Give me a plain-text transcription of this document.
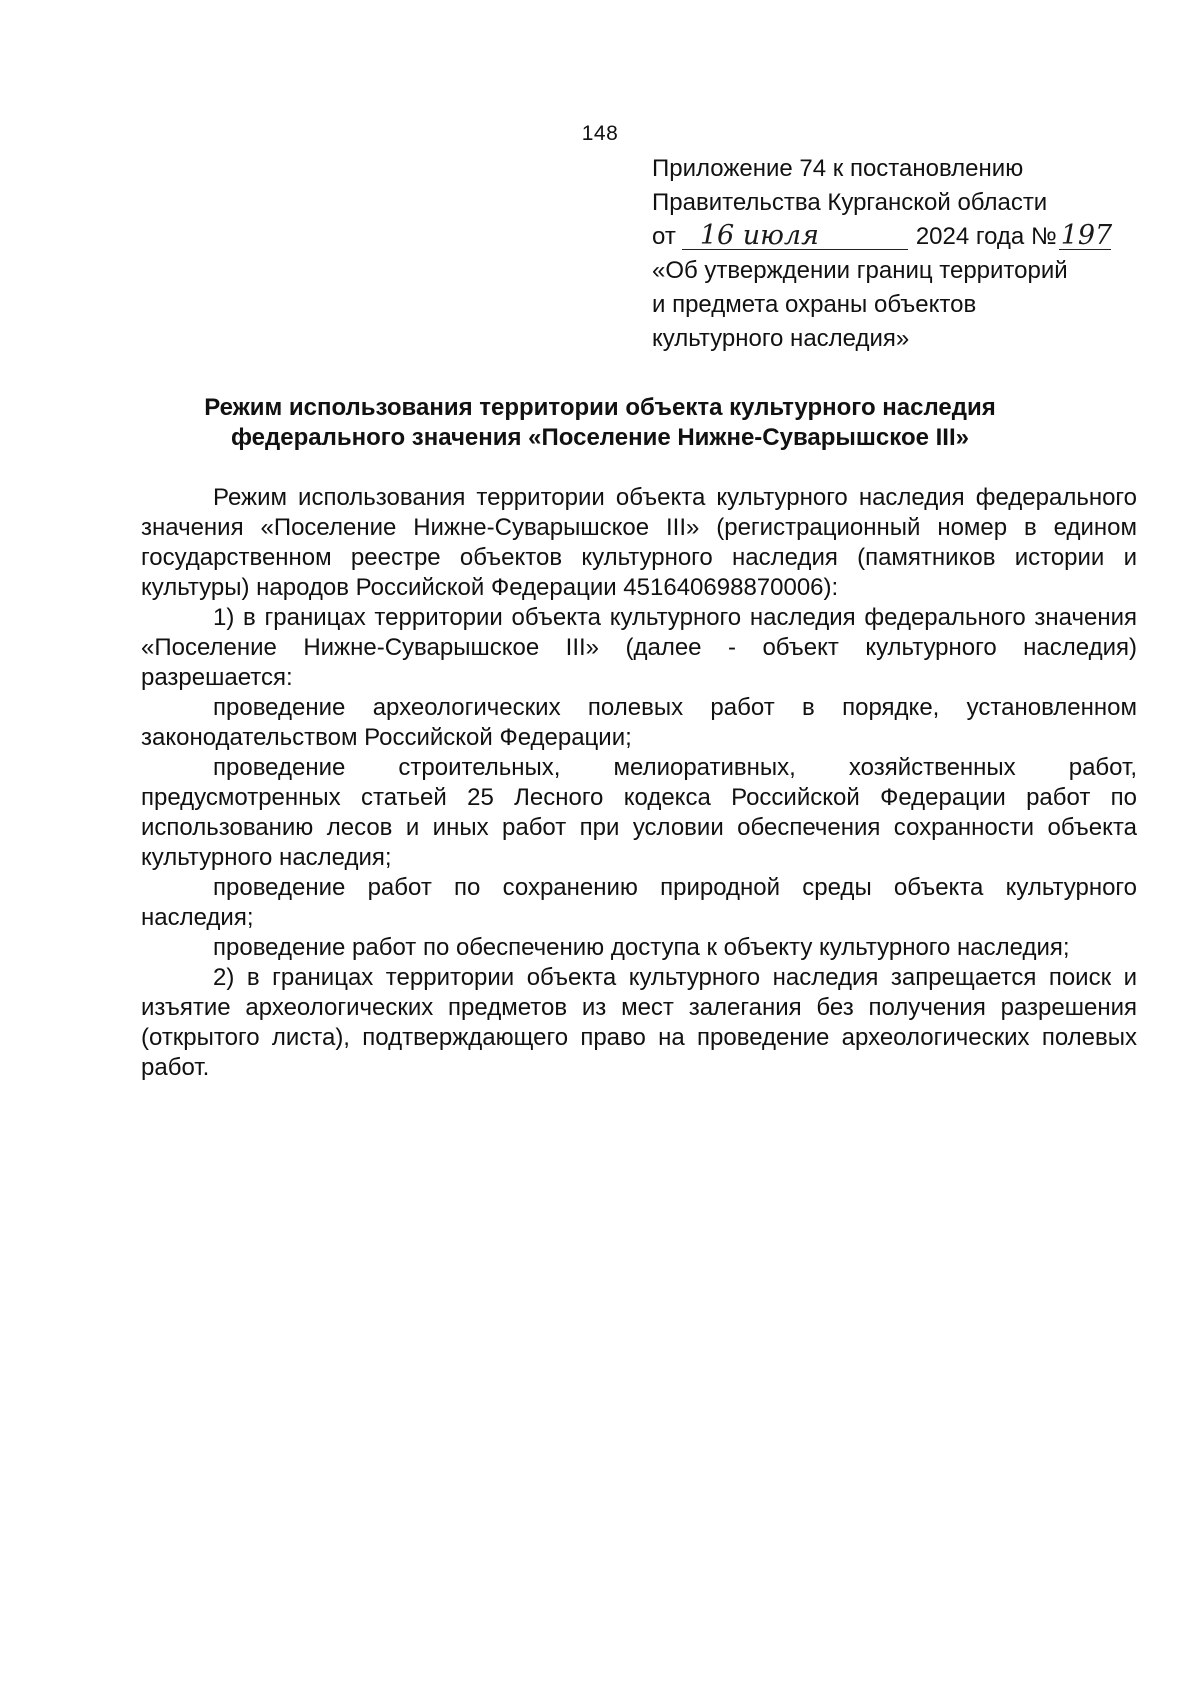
148
Приложение 74 к постановлению
Правительства Курганской области
от 16 июля	2024 года № 197
«Об утверждении границ территорий
и предмета охраны объектов
культурного наследия»
Режим использования территории объекта культурного наследия
федерального значения «Поселение Нижне-Суварышское III»

Режим использования территории объекта культурного наследия федерального значения «Поселение Нижне-Суварышское III» (регистрационный номер в едином государственном реестре объектов культурного наследия (памятников истории и культуры) народов Российской Федерации 451640698870006):

1) в границах территории объекта культурного наследия федерального значения «Поселение Нижне-Суварышское III» (далее - объект культурного наследия) разрешается:

проведение археологических полевых работ в порядке, установленном законодательством Российской Федерации;

проведение строительных, мелиоративных, хозяйственных работ, предусмотренных статьей 25 Лесного кодекса Российской Федерации работ по использованию лесов и иных работ при условии обеспечения сохранности объекта культурного наследия;

проведение работ по сохранению природной среды объекта культурного наследия;

проведение работ по обеспечению доступа к объекту культурного наследия;

2) в границах территории объекта культурного наследия запрещается поиск и изъятие археологических предметов из мест залегания без получения разрешения (открытого листа), подтверждающего право на проведение археологических полевых работ.
